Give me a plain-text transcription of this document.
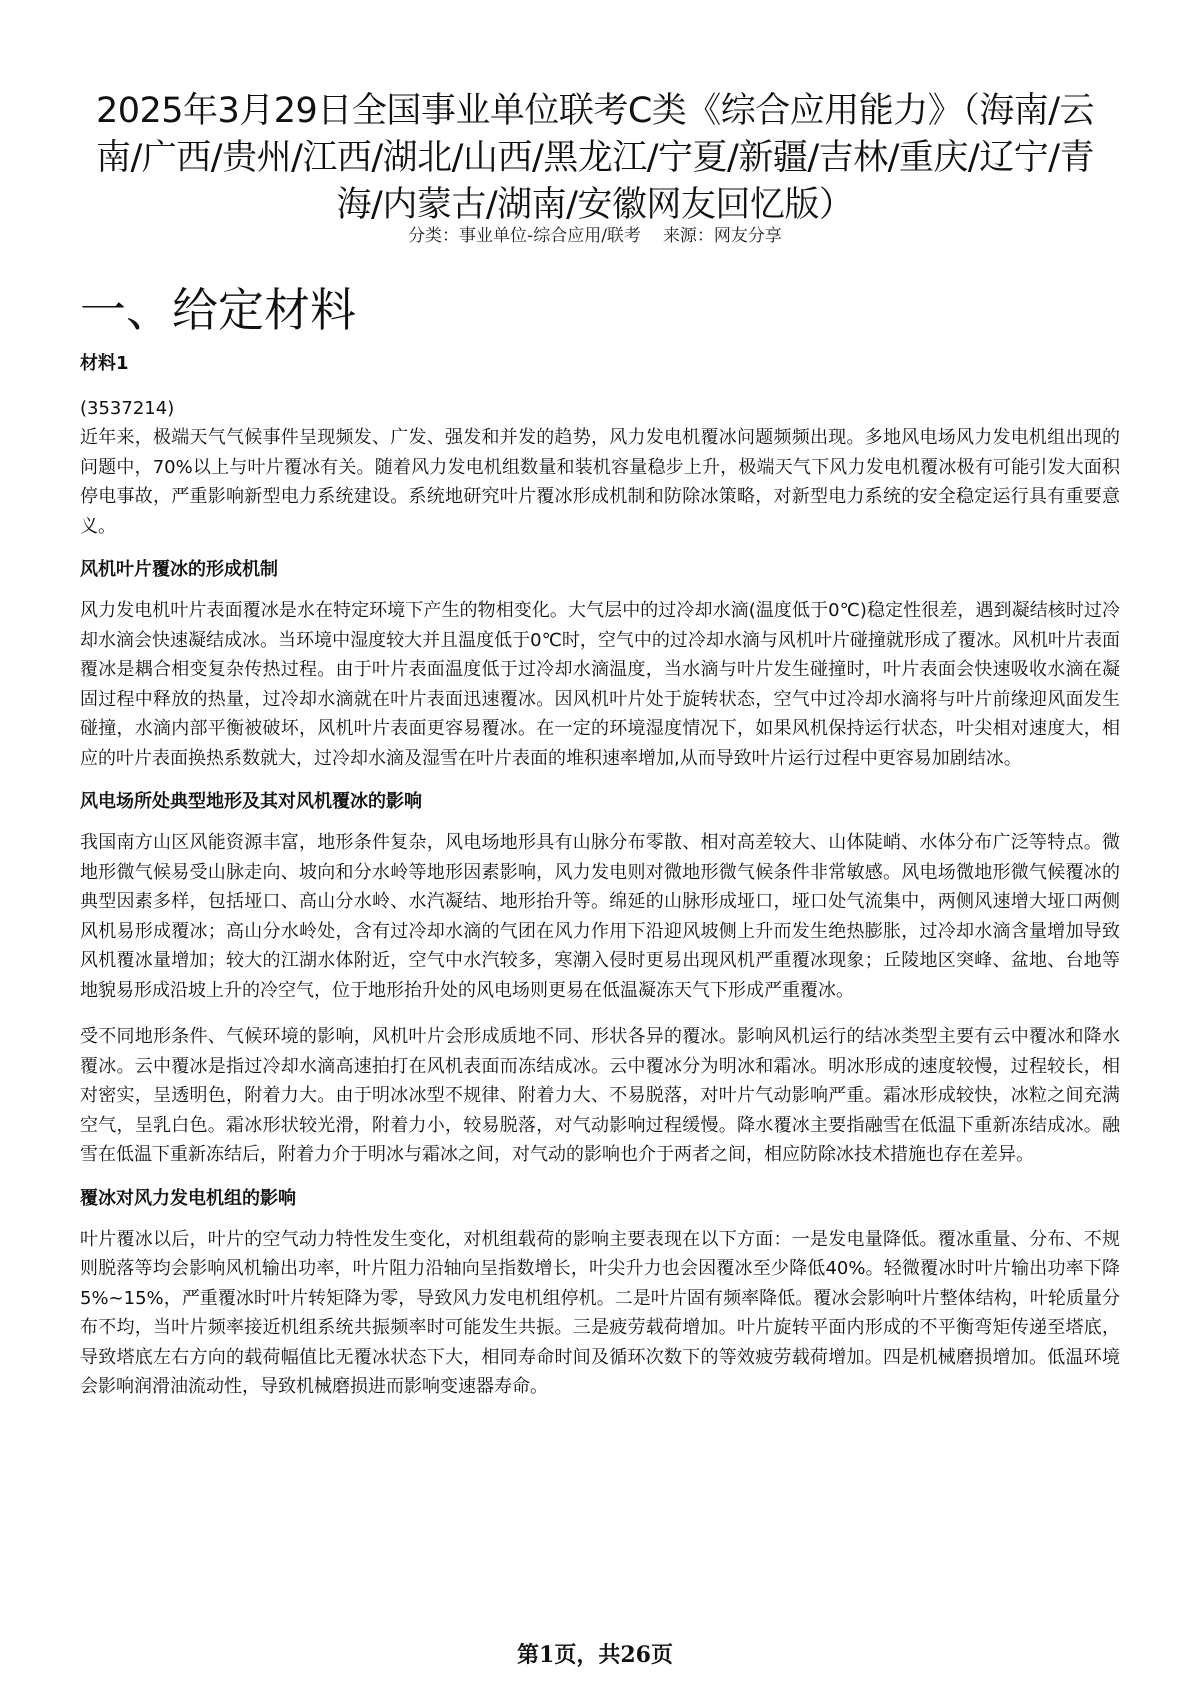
2025年3月29日全国事业单位联考C类《综合应用能力》（海南/云南/广西/贵州/江西/湖北/山西/黑龙江/宁夏/新疆/吉林/重庆/辽宁/青海/内蒙古/湖南/安徽网友回忆版）
分类：事业单位-综合应用/联考 来源：网友分享
一、给定材料

材料1

(3537214)

近年来，极端天气气候事件呈现频发、广发、强发和并发的趋势，风力发电机覆冰问题频频出现。多地风电场风力发电机组出现的问题中，70%以上与叶片覆冰有关。随着风力发电机组数量和装机容量稳步上升，极端天气下风力发电机覆冰极有可能引发大面积停电事故，严重影响新型电力系统建设。系统地研究叶片覆冰形成机制和防除冰策略，对新型电力系统的安全稳定运行具有重要意义。

风机叶片覆冰的形成机制

风力发电机叶片表面覆冰是水在特定环境下产生的物相变化。大气层中的过冷却水滴(温度低于0℃)稳定性很差，遇到凝结核时过冷却水滴会快速凝结成冰。当环境中湿度较大并且温度低于0℃时，空气中的过冷却水滴与风机叶片碰撞就形成了覆冰。风机叶片表面覆冰是耦合相变复杂传热过程。由于叶片表面温度低于过冷却水滴温度，当水滴与叶片发生碰撞时，叶片表面会快速吸收水滴在凝固过程中释放的热量，过冷却水滴就在叶片表面迅速覆冰。因风机叶片处于旋转状态，空气中过冷却水滴将与叶片前缘迎风面发生碰撞，水滴内部平衡被破坏，风机叶片表面更容易覆冰。在一定的环境湿度情况下，如果风机保持运行状态，叶尖相对速度大，相应的叶片表面换热系数就大，过冷却水滴及湿雪在叶片表面的堆积速率增加,从而导致叶片运行过程中更容易加剧结冰。

风电场所处典型地形及其对风机覆冰的影响

我国南方山区风能资源丰富，地形条件复杂，风电场地形具有山脉分布零散、相对高差较大、山体陡峭、水体分布广泛等特点。微地形微气候易受山脉走向、坡向和分水岭等地形因素影响，风力发电则对微地形微气候条件非常敏感。风电场微地形微气候覆冰的典型因素多样，包括垭口、高山分水岭、水汽凝结、地形抬升等。绵延的山脉形成垭口，垭口处气流集中，两侧风速增大垭口两侧风机易形成覆冰；高山分水岭处，含有过冷却水滴的气团在风力作用下沿迎风坡侧上升而发生绝热膨胀，过冷却水滴含量增加导致风机覆冰量增加；较大的江湖水体附近，空气中水汽较多，寒潮入侵时更易出现风机严重覆冰现象；丘陵地区突峰、盆地、台地等地貌易形成沿坡上升的冷空气，位于地形抬升处的风电场则更易在低温凝冻天气下形成严重覆冰。

受不同地形条件、气候环境的影响，风机叶片会形成质地不同、形状各异的覆冰。影响风机运行的结冰类型主要有云中覆冰和降水覆冰。云中覆冰是指过冷却水滴高速拍打在风机表面而冻结成冰。云中覆冰分为明冰和霜冰。明冰形成的速度较慢，过程较长，相对密实，呈透明色，附着力大。由于明冰冰型不规律、附着力大、不易脱落，对叶片气动影响严重。霜冰形成较快，冰粒之间充满空气，呈乳白色。霜冰形状较光滑，附着力小，较易脱落，对气动影响过程缓慢。降水覆冰主要指融雪在低温下重新冻结成冰。融雪在低温下重新冻结后，附着力介于明冰与霜冰之间，对气动的影响也介于两者之间，相应防除冰技术措施也存在差异。

覆冰对风力发电机组的影响

叶片覆冰以后，叶片的空气动力特性发生变化，对机组载荷的影响主要表现在以下方面：一是发电量降低。覆冰重量、分布、不规则脱落等均会影响风机输出功率，叶片阻力沿轴向呈指数增长，叶尖升力也会因覆冰至少降低40%。轻微覆冰时叶片输出功率下降5%~15%，严重覆冰时叶片转矩降为零，导致风力发电机组停机。二是叶片固有频率降低。覆冰会影响叶片整体结构，叶轮质量分布不均，当叶片频率接近机组系统共振频率时可能发生共振。三是疲劳载荷增加。叶片旋转平面内形成的不平衡弯矩传递至塔底，导致塔底左右方向的载荷幅值比无覆冰状态下大，相同寿命时间及循环次数下的等效疲劳载荷增加。四是机械磨损增加。低温环境会影响润滑油流动性，导致机械磨损进而影响变速器寿命。

第1页，共26页
